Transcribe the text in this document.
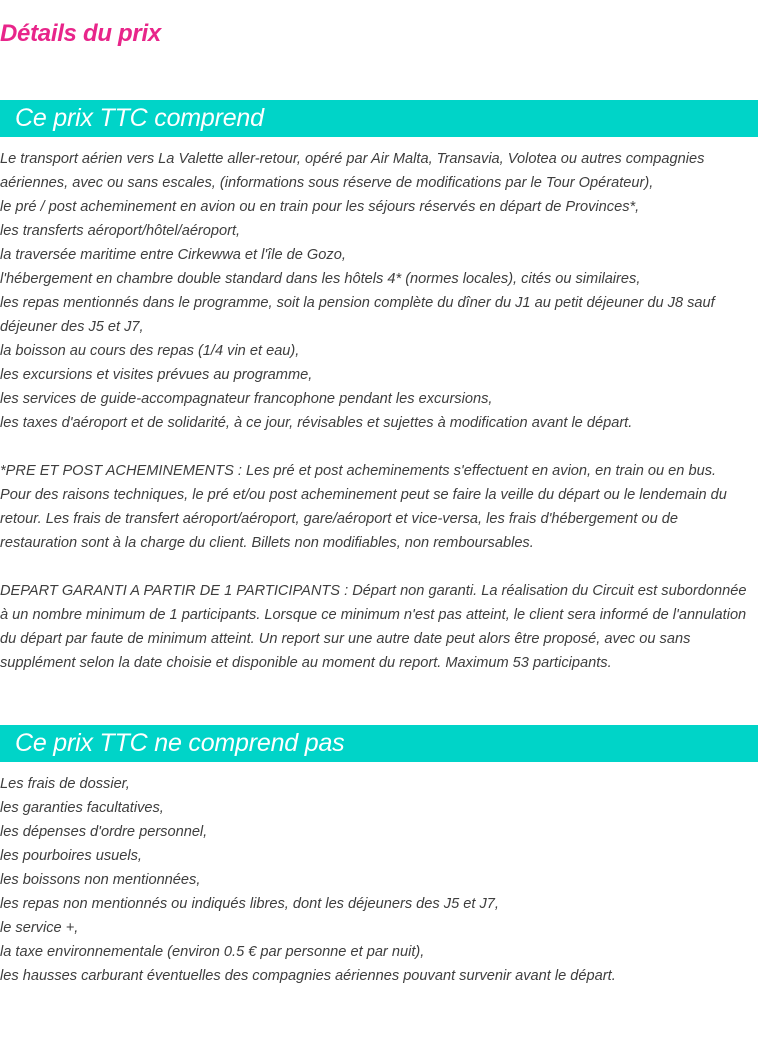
Détails du prix
Ce prix TTC comprend

Le transport aérien vers La Valette aller-retour, opéré par Air Malta, Transavia, Volotea ou autres compagnies aériennes, avec ou sans escales, (informations sous réserve de modifications par le Tour Opérateur),
le pré / post acheminement en avion ou en train pour les séjours réservés en départ de Provinces*,
les transferts aéroport/hôtel/aéroport,
la traversée maritime entre Cirkewwa et l'île de Gozo,
l'hébergement en chambre double standard dans les hôtels 4* (normes locales), cités ou similaires,
les repas mentionnés dans le programme, soit la pension complète du dîner du J1 au petit déjeuner du J8 sauf déjeuner des J5 et J7,
la boisson au cours des repas (1/4 vin et eau),
les excursions et visites prévues au programme,
les services de guide-accompagnateur francophone pendant les excursions,
les taxes d'aéroport et de solidarité, à ce jour, révisables et sujettes à modification avant le départ.

*PRE ET POST ACHEMINEMENTS : Les pré et post acheminements s'effectuent en avion, en train ou en bus. Pour des raisons techniques, le pré et/ou post acheminement peut se faire la veille du départ ou le lendemain du retour. Les frais de transfert aéroport/aéroport, gare/aéroport et vice-versa, les frais d'hébergement ou de restauration sont à la charge du client. Billets non modifiables, non remboursables.

DEPART GARANTI A PARTIR DE 1 PARTICIPANTS : Départ non garanti. La réalisation du Circuit est subordonnée à un nombre minimum de 1 participants. Lorsque ce minimum n'est pas atteint, le client sera informé de l'annulation du départ par faute de minimum atteint. Un report sur une autre date peut alors être proposé, avec ou sans supplément selon la date choisie et disponible au moment du report. Maximum 53 participants.

Ce prix TTC ne comprend pas

Les frais de dossier,
les garanties facultatives,
les dépenses d'ordre personnel,
les pourboires usuels,
les boissons non mentionnées,
les repas non mentionnés ou indiqués libres, dont les déjeuners des J5 et J7,
le service +,
la taxe environnementale (environ 0.5 € par personne et par nuit),
les hausses carburant éventuelles des compagnies aériennes pouvant survenir avant le départ.
